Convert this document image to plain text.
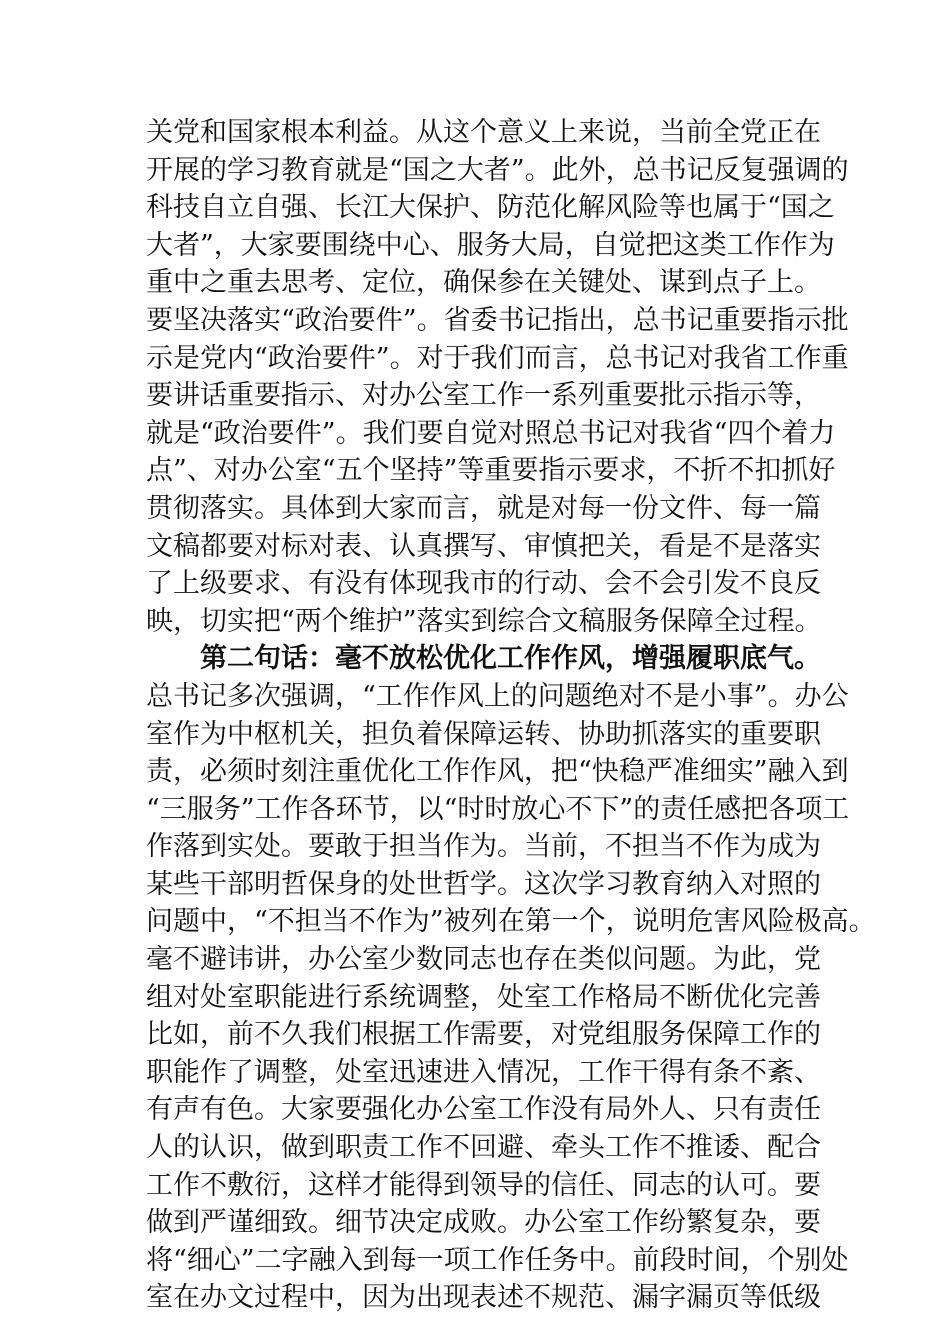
关党和国家根本利益。从这个意义上来说，当前全党正在
开展的学习教育就是“国之大者”。此外，总书记反复强调的
科技自立自强、长江大保护、防范化解风险等也属于“国之
大者”，大家要围绕中心、服务大局，自觉把这类工作作为
重中之重去思考、定位，确保参在关键处、谋到点子上。
要坚决落实“政治要件”。省委书记指出，总书记重要指示批
示是党内“政治要件”。对于我们而言，总书记对我省工作重
要讲话重要指示、对办公室工作一系列重要批示指示等，
就是“政治要件”。我们要自觉对照总书记对我省“四个着力
点”、对办公室“五个坚持”等重要指示要求，不折不扣抓好
贯彻落实。具体到大家而言，就是对每一份文件、每一篇
文稿都要对标对表、认真撰写、审慎把关，看是不是落实
了上级要求、有没有体现我市的行动、会不会引发不良反
映，切实把“两个维护”落实到综合文稿服务保障全过程。
第二句话：毫不放松优化工作作风，增强履职底气。
总书记多次强调，“工作作风上的问题绝对不是小事”。办公
室作为中枢机关，担负着保障运转、协助抓落实的重要职
责，必须时刻注重优化工作作风，把“快稳严准细实”融入到
“三服务”工作各环节，以“时时放心不下”的责任感把各项工
作落到实处。要敢于担当作为。当前，不担当不作为成为
某些干部明哲保身的处世哲学。这次学习教育纳入对照的
问题中，“不担当不作为”被列在第一个，说明危害风险极高。
毫不避讳讲，办公室少数同志也存在类似问题。为此，党
组对处室职能进行系统调整，处室工作格局不断优化完善
比如，前不久我们根据工作需要，对党组服务保障工作的
职能作了调整，处室迅速进入情况，工作干得有条不紊、
有声有色。大家要强化办公室工作没有局外人、只有责任
人的认识，做到职责工作不回避、牵头工作不推诿、配合
工作不敷衍，这样才能得到领导的信任、同志的认可。要
做到严谨细致。细节决定成败。办公室工作纷繁复杂，要
将“细心”二字融入到每一项工作任务中。前段时间，个别处
室在办文过程中，因为出现表述不规范、漏字漏页等低级
